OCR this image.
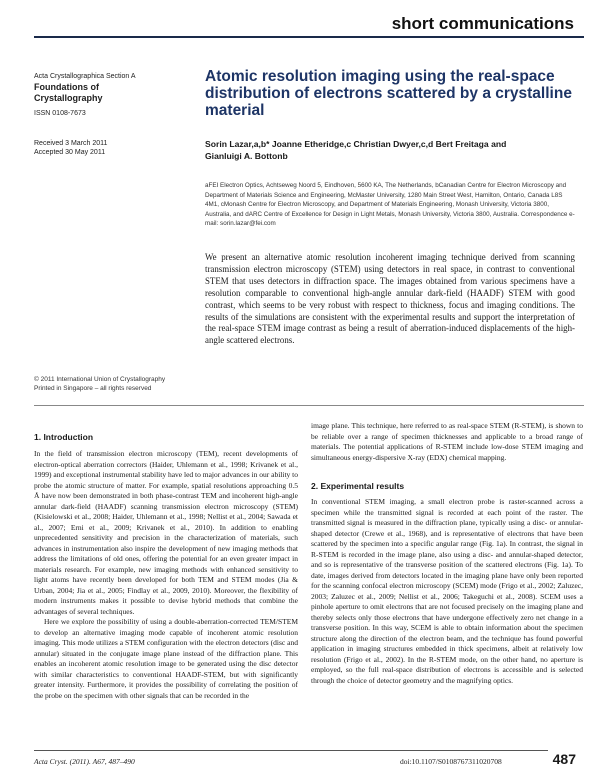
short communications
Acta Crystallographica Section A
Foundations of
Crystallography
ISSN 0108-7673
Received 3 March 2011
Accepted 30 May 2011
Atomic resolution imaging using the real-space distribution of electrons scattered by a crystalline material
Sorin Lazar,a,b* Joanne Etheridge,c Christian Dwyer,c,d Bert Freitaga and
Gianluigi A. Bottonb
aFEI Electron Optics, Achtseweg Noord 5, Eindhoven, 5600 KA, The Netherlands, bCanadian Centre for Electron Microscopy and Department of Materials Science and Engineering, McMaster University, 1280 Main Street West, Hamilton, Ontario, Canada L8S 4M1, cMonash Centre for Electron Microscopy, and Department of Materials Engineering, Monash University, Victoria 3800, Australia, and dARC Centre of Excellence for Design in Light Metals, Monash University, Victoria 3800, Australia. Correspondence e-mail: sorin.lazar@fei.com
We present an alternative atomic resolution incoherent imaging technique derived from scanning transmission electron microscopy (STEM) using detectors in real space, in contrast to conventional STEM that uses detectors in diffraction space. The images obtained from various specimens have a resolution comparable to conventional high-angle annular dark-field (HAADF) STEM with good contrast, which seems to be very robust with respect to thickness, focus and imaging conditions. The results of the simulations are consistent with the experimental results and support the interpretation of the real-space STEM image contrast as being a result of aberration-induced displacements of the high-angle scattered electrons.
© 2011 International Union of Crystallography
Printed in Singapore – all rights reserved
1. Introduction

In the field of transmission electron microscopy (TEM), recent developments of electron-optical aberration correctors (Haider, Uhlemann et al., 1998; Krivanek et al., 1999) and exceptional instrumental stability have led to major advances in our ability to probe the atomic structure of matter. For example, spatial resolutions approaching 0.5 Å have now been demonstrated in both phase-contrast TEM and incoherent high-angle annular dark-field (HAADF) scanning transmission electron microscopy (STEM) (Kisielowski et al., 2008; Haider, Uhlemann et al., 1998; Nellist et al., 2004; Sawada et al., 2007; Erni et al., 2009; Krivanek et al., 2010). In addition to enabling unprecedented sensitivity and precision in the characterization of materials, such advances in instrumentation also inspire the development of new imaging methods that address the limitations of old ones, offering the potential for an even greater impact in materials research. For example, new imaging methods with enhanced sensitivity to light atoms have recently been developed for both TEM and STEM modes (Jia & Urban, 2004; Jia et al., 2005; Findlay et al., 2009, 2010). Moreover, the flexibility of modern instruments makes it possible to devise hybrid methods that combine the advantages of several techniques.

Here we explore the possibility of using a double-aberration-corrected TEM/STEM to develop an alternative imaging mode capable of incoherent atomic resolution imaging. This mode utilizes a STEM configuration with the electron detectors (disc and annular) situated in the conjugate image plane instead of the diffraction plane. This enables an incoherent atomic resolution image to be generated using the disc detector with similar characteristics to conventional HAADF-STEM, but with significantly greater intensity. Furthermore, it provides the possibility of correlating the position of the probe on the specimen with other signals that can be recorded in the

image plane. This technique, here referred to as real-space STEM (R-STEM), is shown to be reliable over a range of specimen thicknesses and applicable to a broad range of materials. The potential applications of R-STEM include low-dose STEM imaging and simultaneous energy-dispersive X-ray (EDX) chemical mapping.

2. Experimental results

In conventional STEM imaging, a small electron probe is raster-scanned across a specimen while the transmitted signal is recorded at each point of the raster. The transmitted signal is measured in the diffraction plane, typically using a disc- or annular-shaped detector (Crewe et al., 1968), and is representative of electrons that have been scattered by the specimen into a specific angular range (Fig. 1a). In contrast, the signal in R-STEM is recorded in the image plane, also using a disc- and annular-shaped detector, and so is representative of the transverse position of the scattered electrons (Fig. 1a). To date, images derived from detectors located in the imaging plane have only been reported for the scanning confocal electron microscopy (SCEM) mode (Frigo et al., 2002; Zaluzec, 2003; Zaluzec et al., 2009; Nellist et al., 2006; Takeguchi et al., 2008). SCEM uses a pinhole aperture to omit electrons that are not focused precisely on the imaging plane and thereby selects only those electrons that have undergone effectively zero net change in a transverse position. In this way, SCEM is able to obtain information about the specimen structure along the direction of the electron beam, and the technique has found powerful application in imaging structures embedded in thick specimens, albeit at relatively low resolution (Frigo et al., 2002). In the R-STEM mode, on the other hand, no aperture is employed, so the full real-space distribution of electrons is accessible and is selected through the choice of detector geometry and the magnifying optics.

Acta Cryst. (2011). A67, 487–490	doi:10.1107/S0108767311020708	487
